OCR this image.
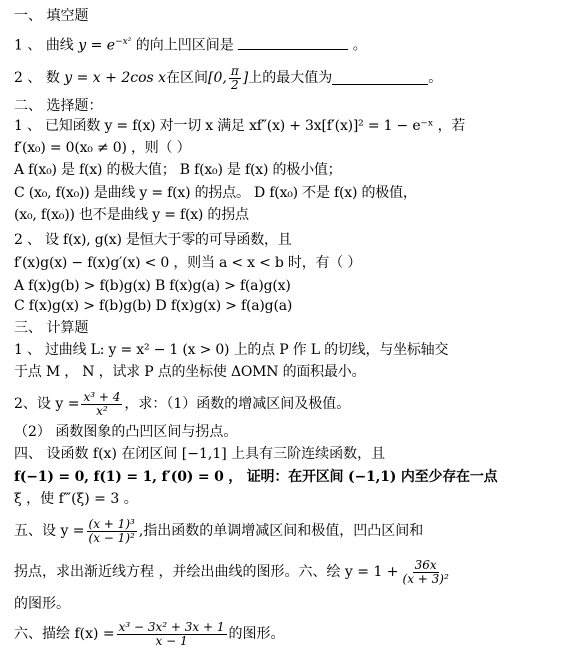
一、 填空题
1 、 曲线 $y = e^{-x^2}$ 的向上凹区间是	。
2 、
数
y = x + 2cos x 在区间 [0, $\frac{\pi}{2}$ ] 上的最大值为	。
二、 选择题：
1 、 已知函数 y = f(x) 对一切 x 满足 xf″(x) + 3x[f′(x)]² = 1 − e⁻ˣ ，若
f′(x₀) = 0(x₀ ≠ 0) ，则（ ）
A f(x₀) 是 f(x) 的极大值； B f(x₀) 是 f(x) 的极小值；
C (x₀, f(x₀)) 是曲线 y = f(x) 的拐点。 D f(x₀) 不是 f(x) 的极值，
(x₀, f(x₀)) 也不是曲线 y = f(x) 的拐点
2 、 设 f(x), g(x) 是恒大于零的可导函数，且
f′(x)g(x) − f(x)g′(x) < 0 ，则当 a < x < b 时，有（ ）
A f(x)g(b) > f(b)g(x) B f(x)g(a) > f(a)g(x)
C f(x)g(x) > f(b)g(b) D f(x)g(x) > f(a)g(a)
三、 计算题
1 、 过曲线 L: y = x² − 1 (x > 0) 上的点 P 作 L 的切线，与坐标轴交
于点 M ， N ，试求 P 点的坐标使 ΔOMN 的面积最小。
2、设 $y = \frac{\text{x³ + 4}}{\text{x²}}$ ，求：（1）函数的增减区间及极值。
（2） 函数图象的凸凹区间与拐点。
四、 设函数 f(x) 在闭区间 [−1,1] 上具有三阶连续函数，且
f(−1) = 0, f(1) = 1, f′(0) = 0 ， 证明：在开区间 (−1,1) 内至少存在一点
ξ ，使 f‴(ξ) = 3 。
五、 设 $y = \frac{\text{(x + 1)³}}{\text{(x − 1)²}}$ ,指出函数的单调增减区间和极值，凹凸区间和
拐点，求出渐近线方程 ，并绘出曲线的图形。六、绘 $y = 1 + \frac{36x}{\text{(x + 3)²}}$
的图形。
六、 描绘 $f(x) = \frac{\text{x³ − 3x² + 3x + 1}}{x - 1}$ 的图形。
